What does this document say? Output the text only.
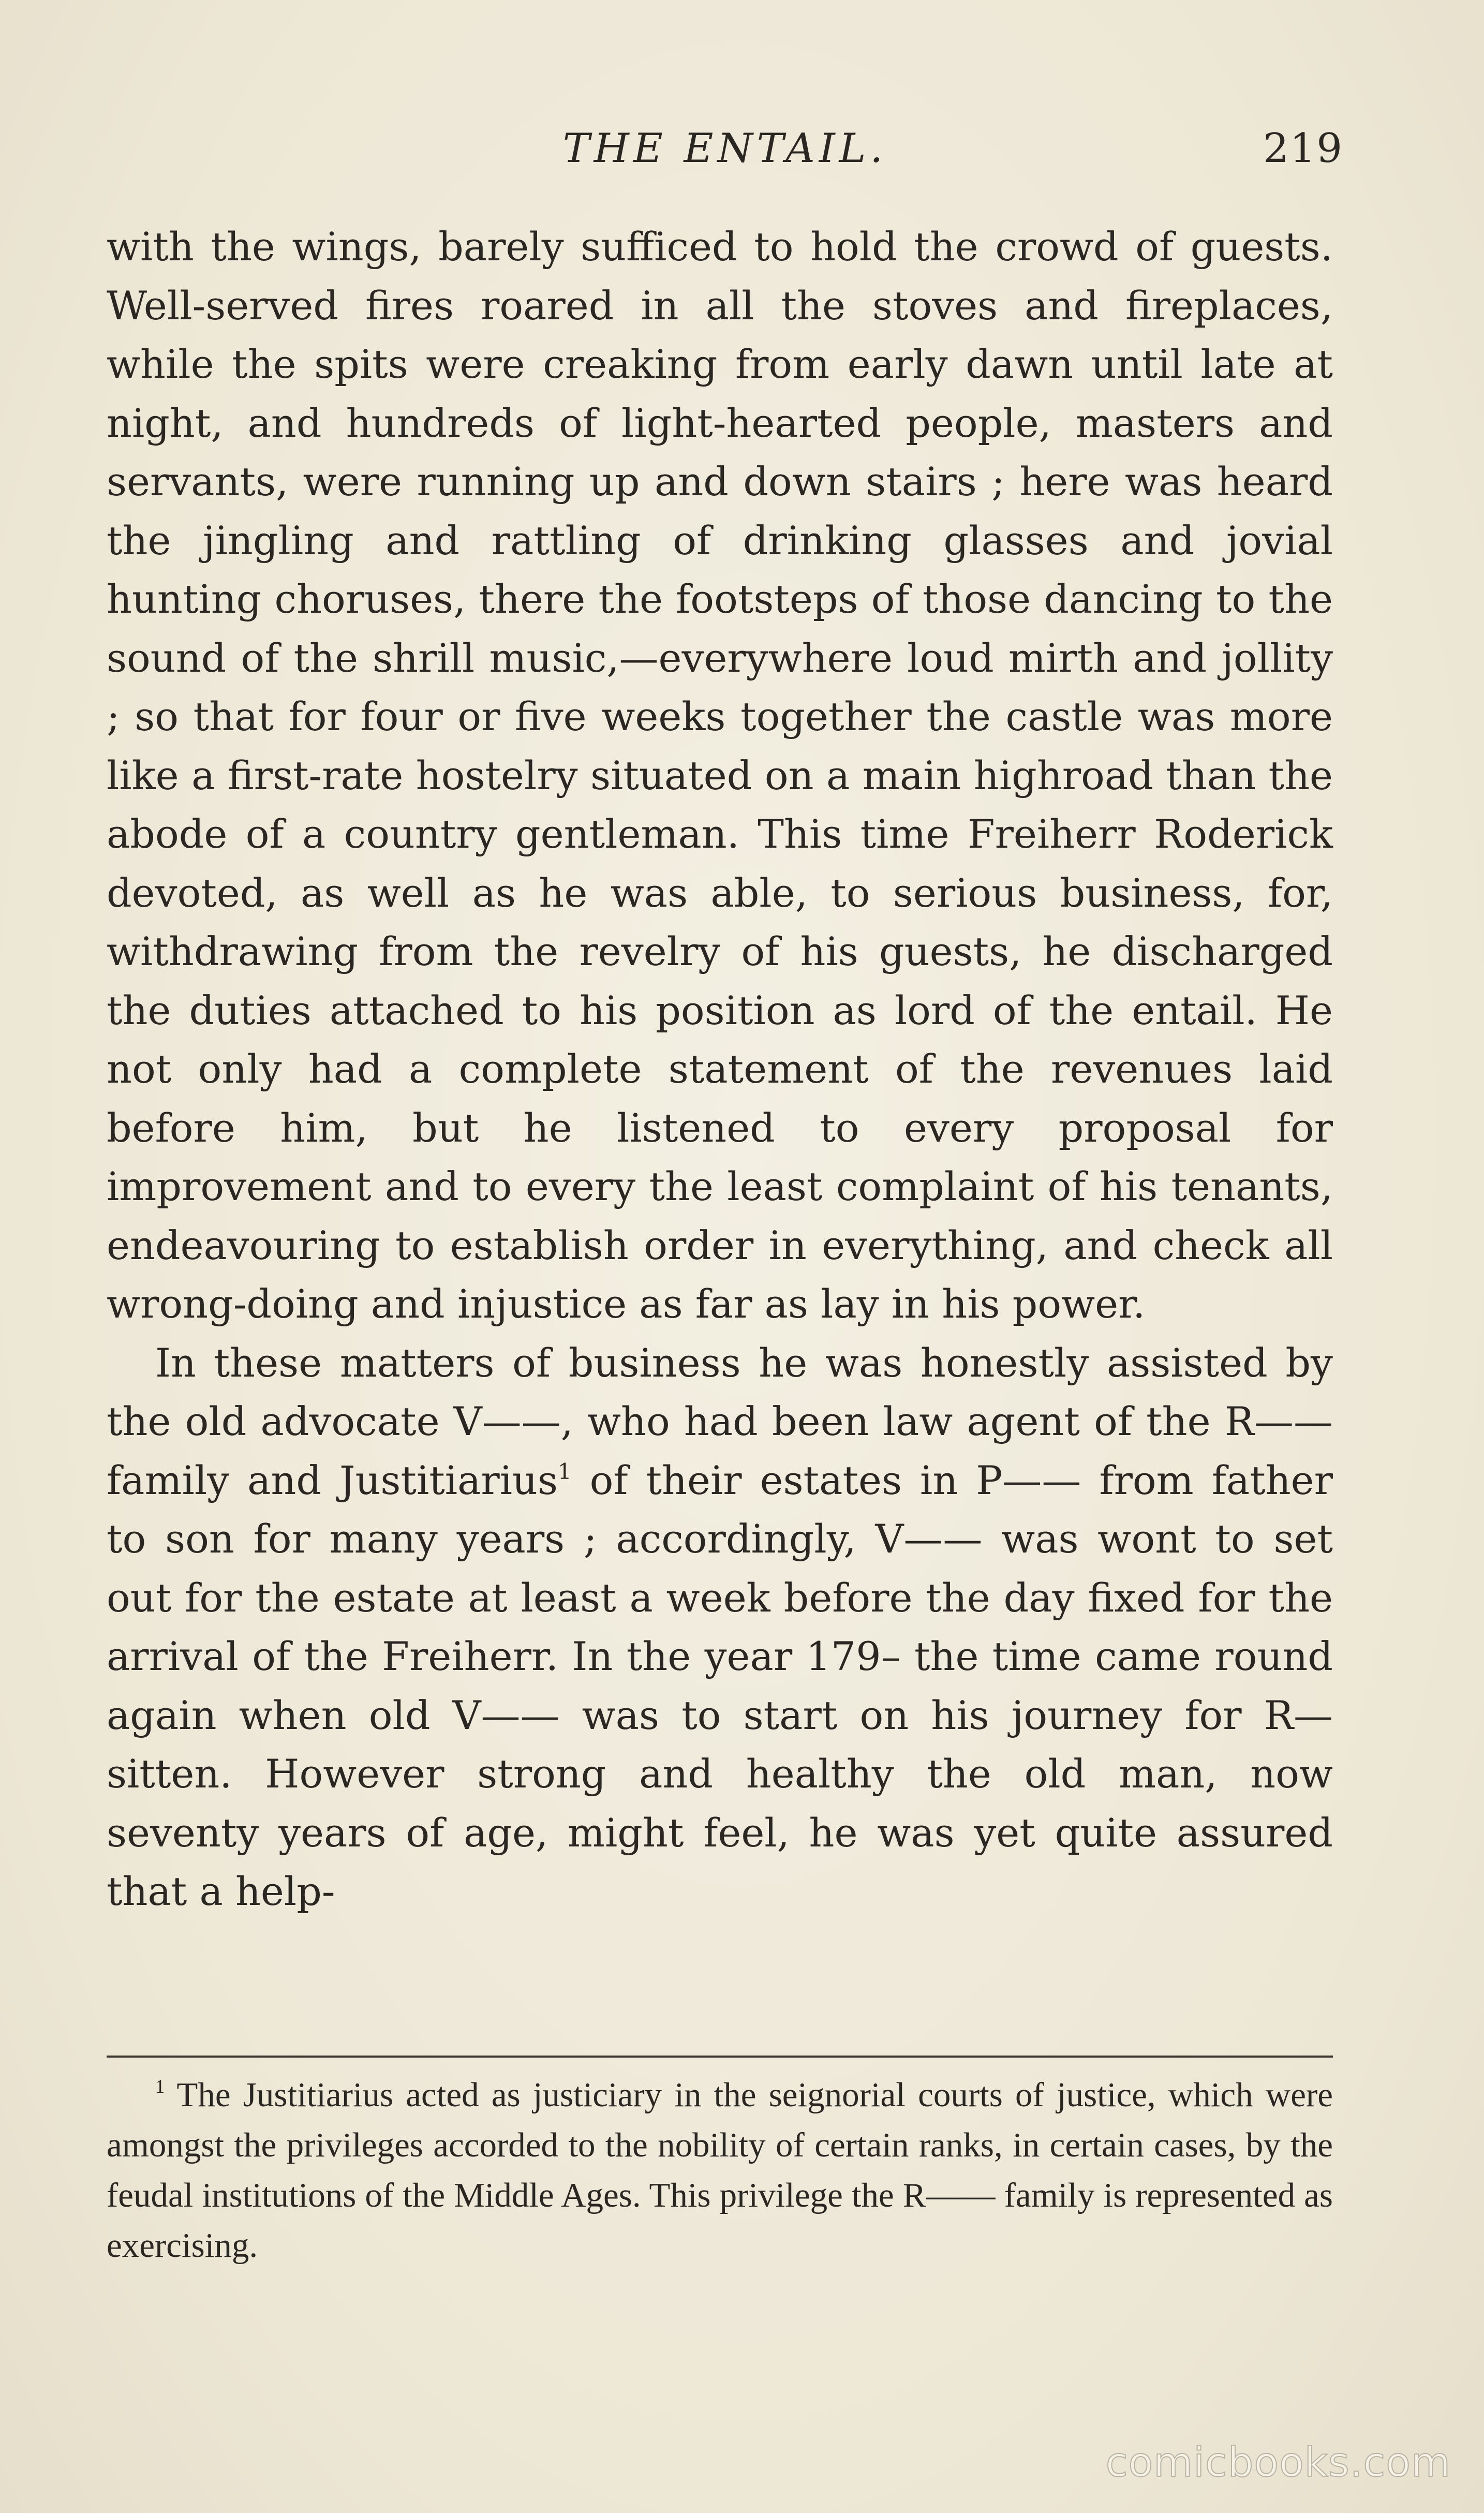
THE ENTAIL.	219

with the wings, barely sufficed to hold the crowd of guests. Well-served fires roared in all the stoves and fireplaces, while the spits were creaking from early dawn until late at night, and hundreds of light-hearted people, masters and servants, were running up and down stairs ; here was heard the jingling and rattling of drinking glasses and jovial hunting choruses, there the footsteps of those dancing to the sound of the shrill music,—everywhere loud mirth and jollity ; so that for four or five weeks together the castle was more like a first-rate hostelry situated on a main highroad than the abode of a country gentleman. This time Freiherr Roderick devoted, as well as he was able, to serious business, for, withdrawing from the revelry of his guests, he discharged the duties attached to his position as lord of the entail. He not only had a complete statement of the revenues laid before him, but he listened to every proposal for improvement and to every the least complaint of his tenants, endeavouring to establish order in everything, and check all wrong-doing and injustice as far as lay in his power.

In these matters of business he was honestly assisted by the old advocate V——, who had been law agent of the R—— family and Justitiarius$^1$ of their estates in P—— from father to son for many years ; accordingly, V—— was wont to set out for the estate at least a week before the day fixed for the arrival of the Freiherr. In the year 179– the time came round again when old V—— was to start on his journey for R—sitten. However strong and healthy the old man, now seventy years of age, might feel, he was yet quite assured that a help-

$^1$ The Justitiarius acted as justiciary in the seignorial courts of justice, which were amongst the privileges accorded to the nobility of certain ranks, in certain cases, by the feudal institutions of the Middle Ages. This privilege the R—— family is represented as exercising.

comicbooks.com
